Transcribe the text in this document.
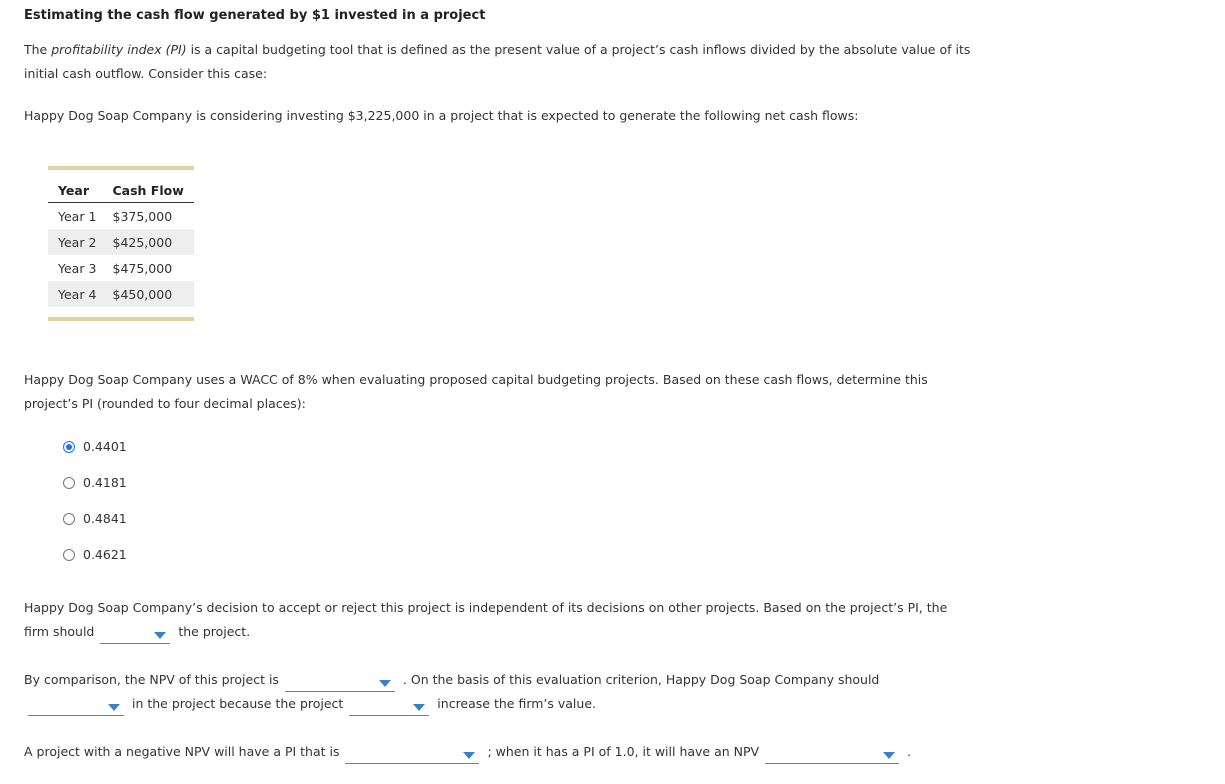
Estimating the cash flow generated by $1 invested in a project
The profitability index (PI) is a capital budgeting tool that is defined as the present value of a project’s cash inflows divided by the absolute value of its
initial cash outflow. Consider this case:
Happy Dog Soap Company is considering investing $3,225,000 in a project that is expected to generate the following net cash flows:
Year	Cash Flow
Year 1	$375,000
Year 2	$425,000
Year 3	$475,000
Year 4	$450,000
Happy Dog Soap Company uses a WACC of 8% when evaluating proposed capital budgeting projects. Based on these cash flows, determine this
project’s PI (rounded to four decimal places):
0.4401
0.4181
0.4841
0.4621
Happy Dog Soap Company’s decision to accept or reject this project is independent of its decisions on other projects. Based on the project’s PI, the
firm should	the project.
By comparison, the NPV of this project is	. On the basis of this evaluation criterion, Happy Dog Soap Company should
in the project because the project	increase the firm’s value.
A project with a negative NPV will have a PI that is	; when it has a PI of 1.0, it will have an NPV	.
